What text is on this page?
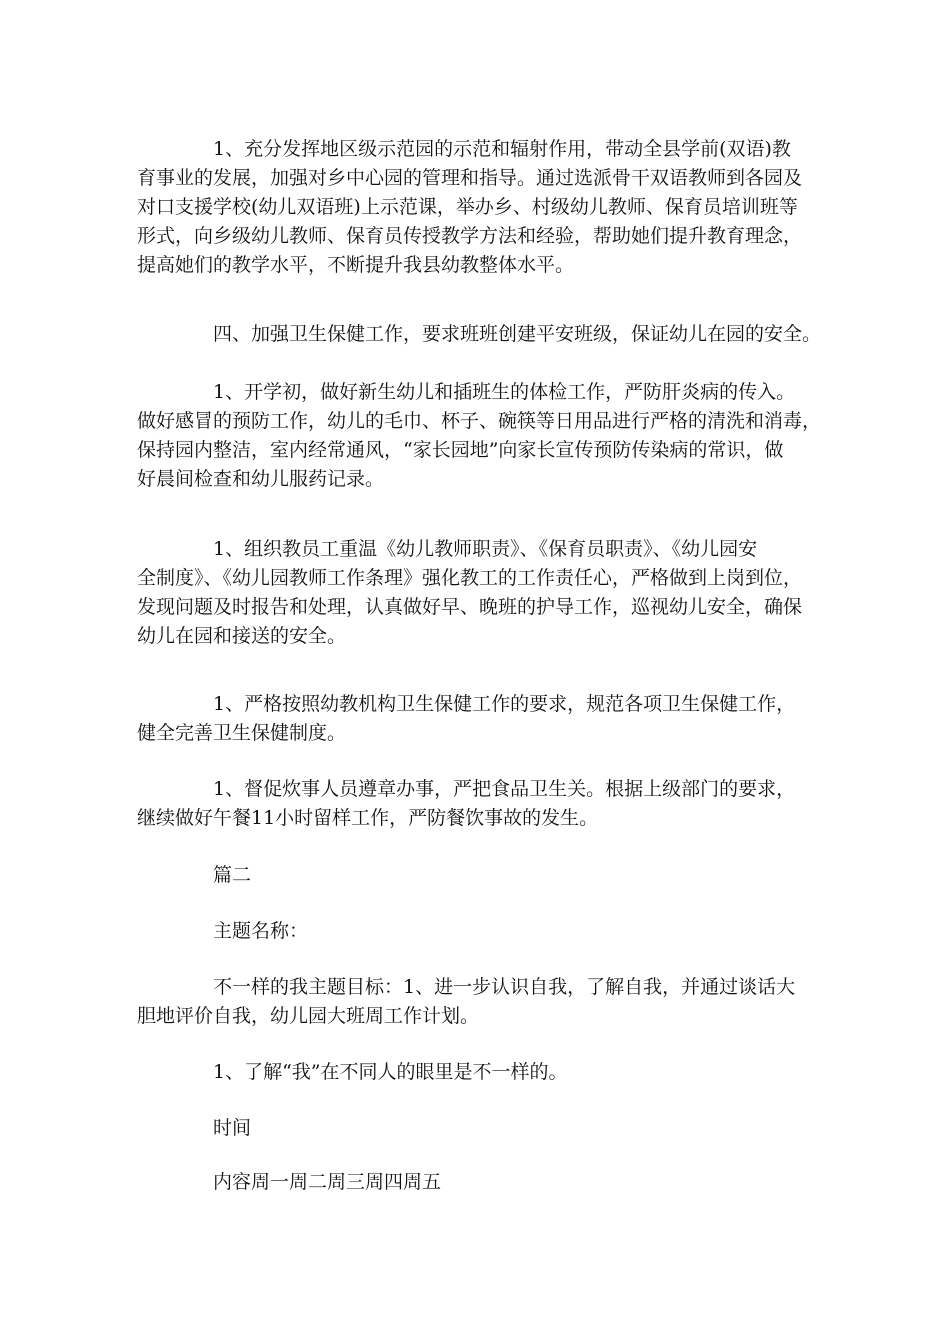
1、充分发挥地区级示范园的示范和辐射作用，带动全县学前(双语)教
育事业的发展，加强对乡中心园的管理和指导。通过选派骨干双语教师到各园及
对口支援学校(幼儿双语班)上示范课，举办乡、村级幼儿教师、保育员培训班等
形式，向乡级幼儿教师、保育员传授教学方法和经验，帮助她们提升教育理念，
提高她们的教学水平，不断提升我县幼教整体水平。
四、加强卫生保健工作，要求班班创建平安班级，保证幼儿在园的安全。
1、开学初，做好新生幼儿和插班生的体检工作，严防肝炎病的传入。
做好感冒的预防工作，幼儿的毛巾、杯子、碗筷等日用品进行严格的清洗和消毒，
保持园内整洁，室内经常通风，“家长园地”向家长宣传预防传染病的常识，做
好晨间检查和幼儿服药记录。
1、组织教员工重温《幼儿教师职责》、《保育员职责》、《幼儿园安
全制度》、《幼儿园教师工作条理》强化教工的工作责任心，严格做到上岗到位，
发现问题及时报告和处理，认真做好早、晚班的护导工作，巡视幼儿安全，确保
幼儿在园和接送的安全。
1、严格按照幼教机构卫生保健工作的要求，规范各项卫生保健工作，
健全完善卫生保健制度。
1、督促炊事人员遵章办事，严把食品卫生关。根据上级部门的要求，
继续做好午餐11小时留样工作，严防餐饮事故的发生。
篇二
主题名称：
不一样的我主题目标：1、进一步认识自我，了解自我，并通过谈话大
胆地评价自我，幼儿园大班周工作计划。
1、了解“我”在不同人的眼里是不一样的。
时间
内容周一周二周三周四周五
